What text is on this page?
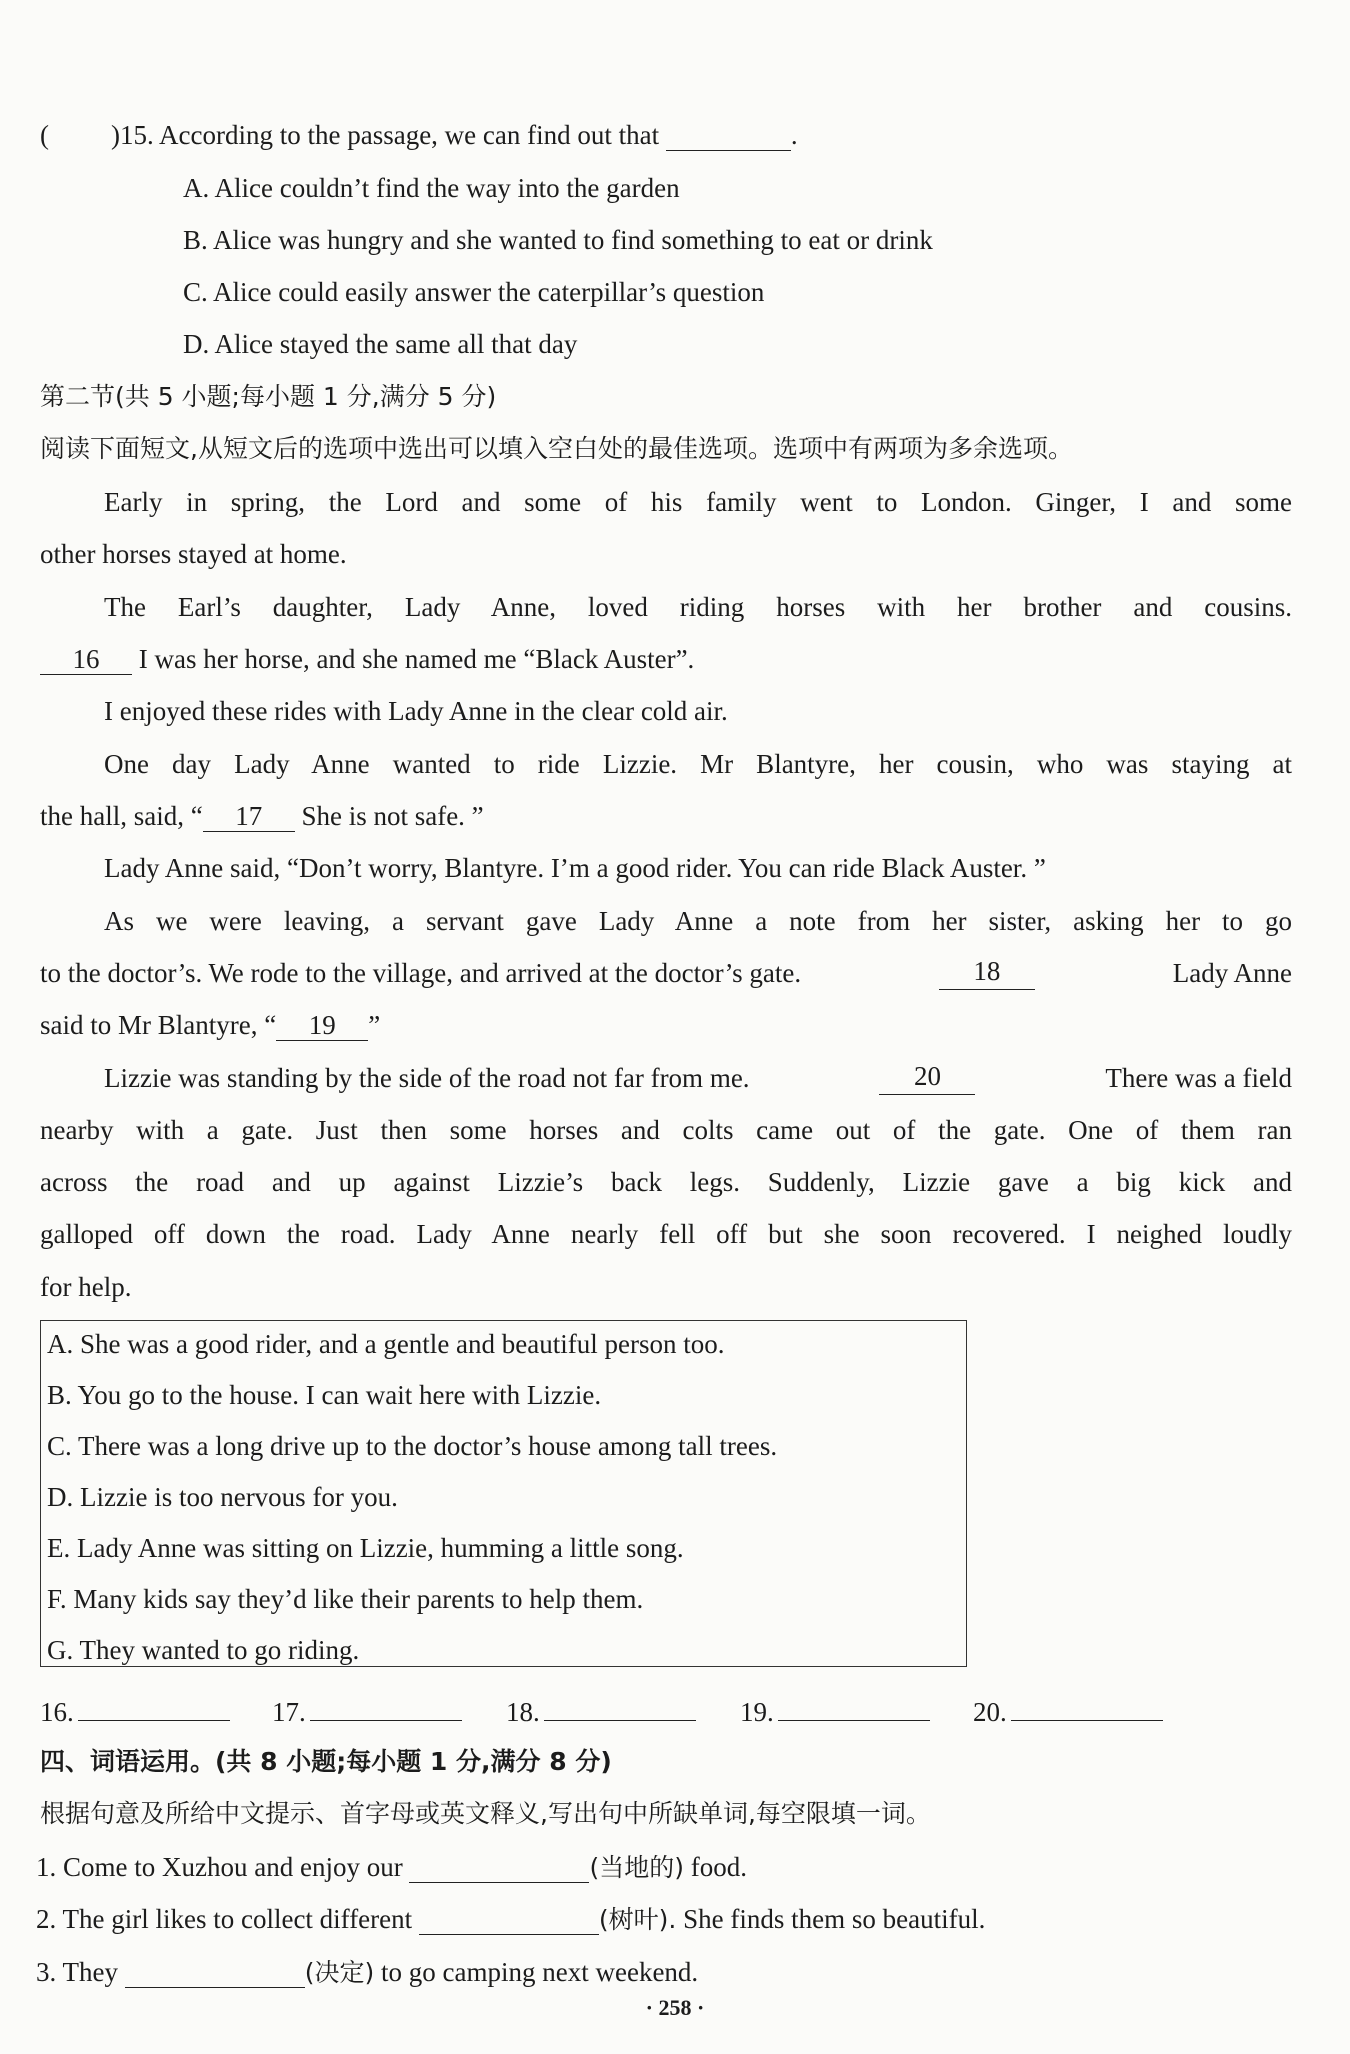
( )15. According to the passage, we can find out that	.
A. Alice couldn’t find the way into the garden
B. Alice was hungry and she wanted to find something to eat or drink
C. Alice could easily answer the caterpillar’s question
D. Alice stayed the same all that day
第二节(共 5 小题;每小题 1 分,满分 5 分)
阅读下面短文,从短文后的选项中选出可以填入空白处的最佳选项。选项中有两项为多余选项。
Early in spring, the Lord and some of his family went to London. Ginger, I and some
other horses stayed at home.
The Earl’s daughter, Lady Anne, loved riding horses with her brother and cousins.
16 I was her horse, and she named me “Black Auster”.
I enjoyed these rides with Lady Anne in the clear cold air.
One day Lady Anne wanted to ride Lizzie. Mr Blantyre, her cousin, who was staying at
the hall, said, “ 17 She is not safe. ”
Lady Anne said, “Don’t worry, Blantyre. I’m a good rider. You can ride Black Auster. ”
As we were leaving, a servant gave Lady Anne a note from her sister, asking her to go
to the doctor’s. We rode to the village, and arrived at the doctor’s gate.	18	Lady Anne
said to Mr Blantyre, “ 19 ”
Lizzie was standing by the side of the road not far from me.	20	There was a field
nearby with a gate. Just then some horses and colts came out of the gate. One of them ran
across the road and up against Lizzie’s back legs. Suddenly, Lizzie gave a big kick and
galloped off down the road. Lady Anne nearly fell off but she soon recovered. I neighed loudly
for help.
A. She was a good rider, and a gentle and beautiful person too.
B. You go to the house. I can wait here with Lizzie.
C. There was a long drive up to the doctor’s house among tall trees.
D. Lizzie is too nervous for you.
E. Lady Anne was sitting on Lizzie, humming a little song.
F. Many kids say they’d like their parents to help them.
G. They wanted to go riding.
16.	17.	18.	19.	20.
四、词语运用。(共 8 小题;每小题 1 分,满分 8 分)
根据句意及所给中文提示、首字母或英文释义,写出句中所缺单词,每空限填一词。
1. Come to Xuzhou and enjoy our	(当地的) food.
2. The girl likes to collect different	(树叶). She finds them so beautiful.
3. They	(决定) to go camping next weekend.
· 258 ·
